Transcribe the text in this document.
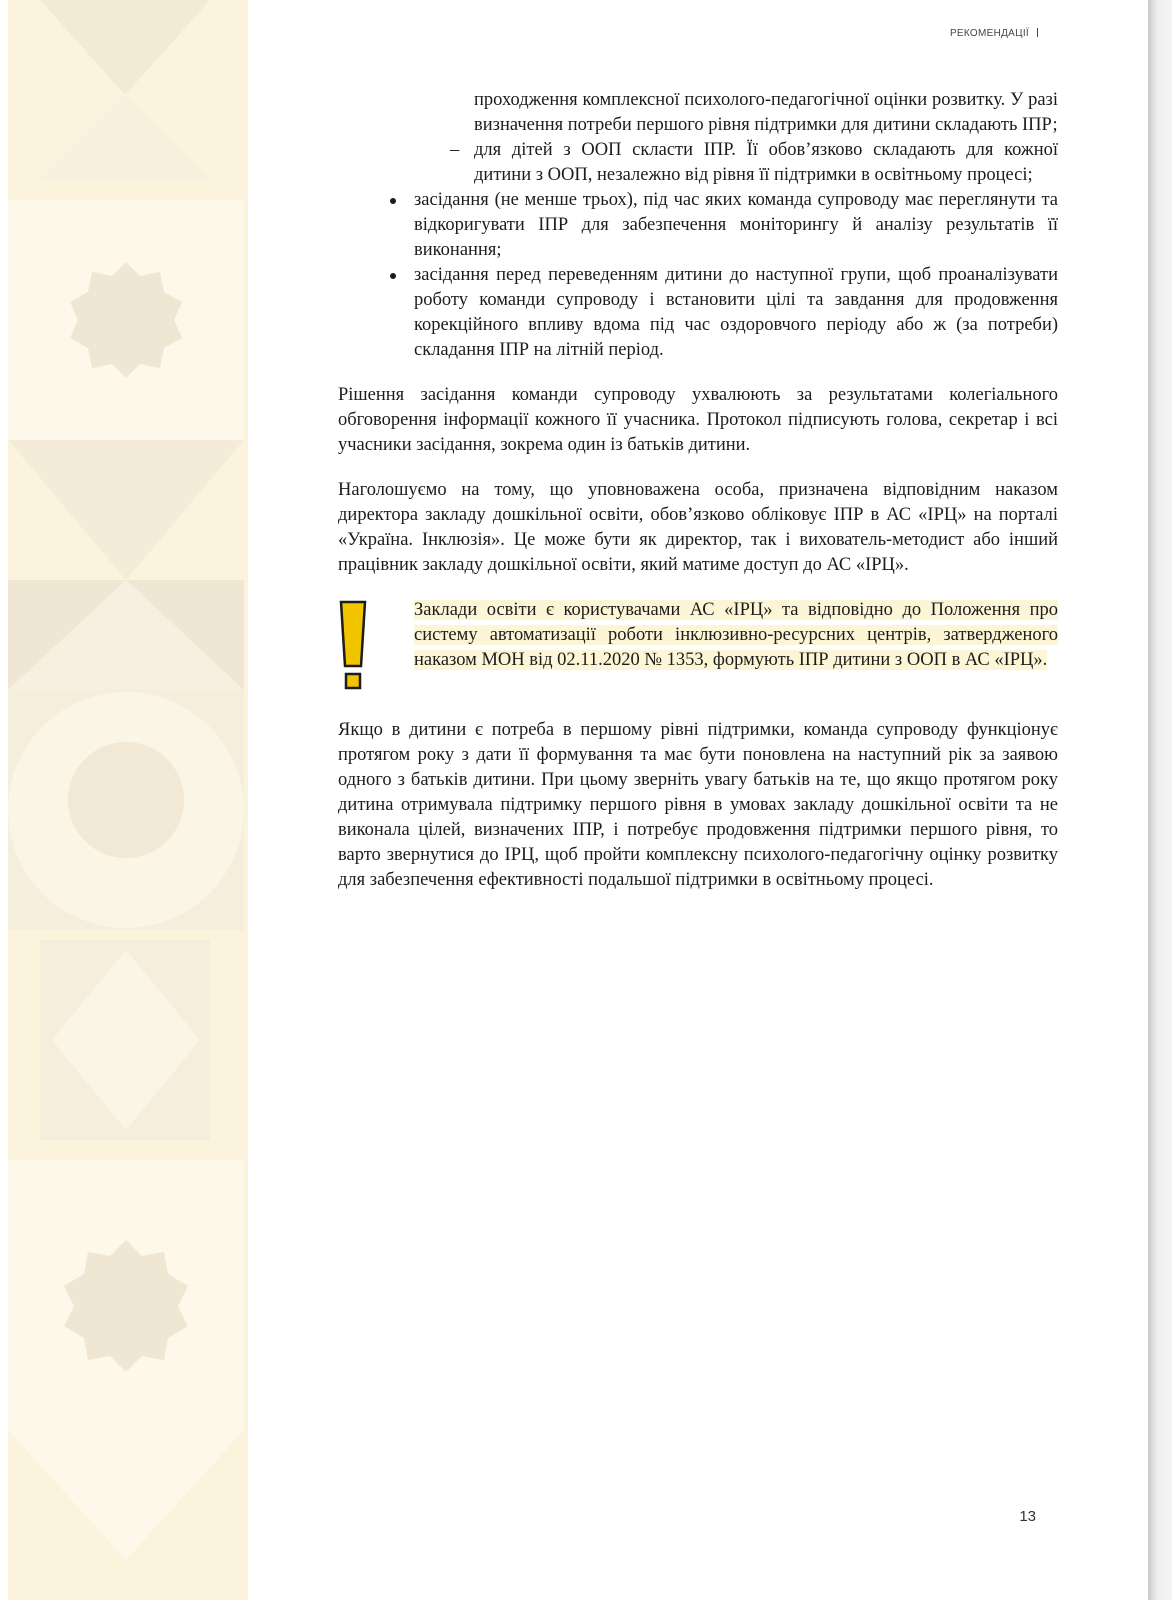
РЕКОМЕНДАЦІЇ

проходження комплексної психолого-педагогічної оцінки розвитку. У разі визначення потреби першого рівня підтримки для дитини складають ІПР;

– для дітей з ООП скласти ІПР. Її обов’язково складають для кожної дитини з ООП, незалежно від рівня її підтримки в освітньому процесі;

засідання (не менше трьох), під час яких команда супроводу має переглянути та відкоригувати ІПР для забезпечення моніторингу й аналізу результатів її виконання;

засідання перед переведенням дитини до наступної групи, щоб проаналізувати роботу команди супроводу і встановити цілі та завдання для продовження корекційного впливу вдома під час оздоровчого періоду або ж (за потреби) складання ІПР на літній період.

Рішення засідання команди супроводу ухвалюють за результатами колегіального обговорення інформації кожного її учасника. Протокол підписують голова, секретар і всі учасники засідання, зокрема один із батьків дитини.

Наголошуємо на тому, що уповноважена особа, призначена відповідним наказом директора закладу дошкільної освіти, обов’язково обліковує ІПР в АС «ІРЦ» на порталі «Україна. Інклюзія». Це може бути як директор, так і вихователь-методист або інший працівник закладу дошкільної освіти, який матиме доступ до АС «ІРЦ».

Заклади освіти є користувачами АС «ІРЦ» та відповідно до Положення про систему автоматизації роботи інклюзивно-ресурсних центрів, затвердженого наказом МОН від 02.11.2020 № 1353, формують ІПР дитини з ООП в АС «ІРЦ».

Якщо в дитини є потреба в першому рівні підтримки, команда супроводу функціонує протягом року з дати її формування та має бути поновлена на наступний рік за заявою одного з батьків дитини. При цьому зверніть увагу батьків на те, що якщо протягом року дитина отримувала підтримку першого рівня в умовах закладу дошкільної освіти та не виконала цілей, визначених ІПР, і потребує продовження підтримки першого рівня, то варто звернутися до ІРЦ, щоб пройти комплексну психолого-педагогічну оцінку розвитку для забезпечення ефективності подальшої підтримки в освітньому процесі.

13
